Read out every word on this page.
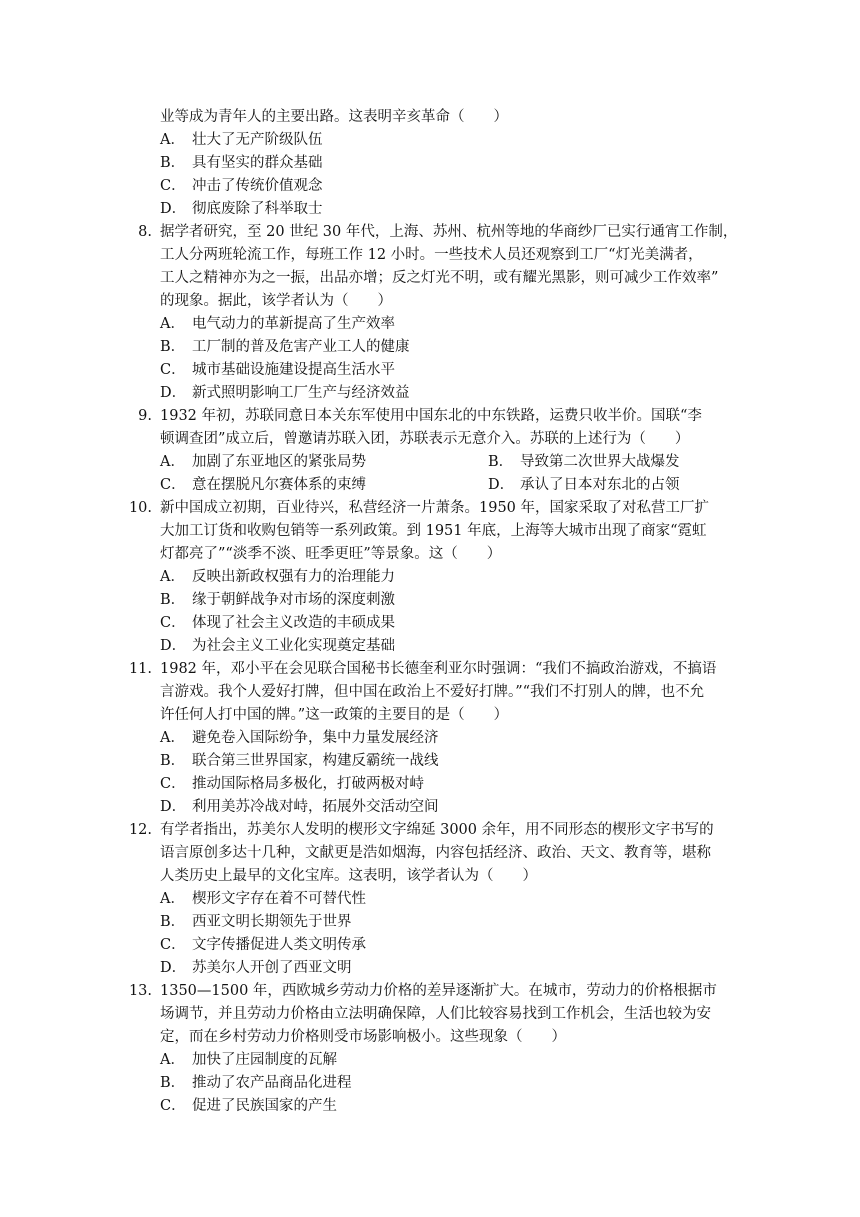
业等成为青年人的主要出路。这表明辛亥革命（　　）
A． 壮大了无产阶级队伍
B． 具有坚实的群众基础
C． 冲击了传统价值观念
D． 彻底废除了科举取士
8. 据学者研究，至 20 世纪 30 年代，上海、苏州、杭州等地的华商纱厂已实行通宵工作制，
工人分两班轮流工作，每班工作 12 小时。一些技术人员还观察到工厂“灯光美满者，
工人之精神亦为之一振，出品亦增；反之灯光不明，或有耀光黑影，则可减少工作效率”
的现象。据此，该学者认为（　　）
A． 电气动力的革新提高了生产效率
B． 工厂制的普及危害产业工人的健康
C． 城市基础设施建设提高生活水平
D． 新式照明影响工厂生产与经济效益
9. 1932 年初，苏联同意日本关东军使用中国东北的中东铁路，运费只收半价。国联“李
顿调查团”成立后，曾邀请苏联入团，苏联表示无意介入。苏联的上述行为（　　）
A． 加剧了东亚地区的紧张局势	B． 导致第二次世界大战爆发
C． 意在摆脱凡尔赛体系的束缚	D． 承认了日本对东北的占领
10. 新中国成立初期，百业待兴，私营经济一片萧条。1950 年，国家采取了对私营工厂扩
大加工订货和收购包销等一系列政策。到 1951 年底，上海等大城市出现了商家“霓虹
灯都亮了”“淡季不淡、旺季更旺”等景象。这（　　）
A． 反映出新政权强有力的治理能力
B． 缘于朝鲜战争对市场的深度刺激
C． 体现了社会主义改造的丰硕成果
D． 为社会主义工业化实现奠定基础
11. 1982 年，邓小平在会见联合国秘书长德奎利亚尔时强调：“我们不搞政治游戏，不搞语
言游戏。我个人爱好打牌，但中国在政治上不爱好打牌。”“我们不打别人的牌，也不允
许任何人打中国的牌。”这一政策的主要目的是（　　）
A． 避免卷入国际纷争，集中力量发展经济
B． 联合第三世界国家，构建反霸统一战线
C． 推动国际格局多极化，打破两极对峙
D． 利用美苏冷战对峙，拓展外交活动空间
12. 有学者指出，苏美尔人发明的楔形文字绵延 3000 余年，用不同形态的楔形文字书写的
语言原创多达十几种，文献更是浩如烟海，内容包括经济、政治、天文、教育等，堪称
人类历史上最早的文化宝库。这表明，该学者认为（　　）
A． 楔形文字存在着不可替代性
B． 西亚文明长期领先于世界
C． 文字传播促进人类文明传承
D． 苏美尔人开创了西亚文明
13. 1350—1500 年，西欧城乡劳动力价格的差异逐渐扩大。在城市，劳动力的价格根据市
场调节，并且劳动力价格由立法明确保障，人们比较容易找到工作机会，生活也较为安
定，而在乡村劳动力价格则受市场影响极小。这些现象（　　）
A． 加快了庄园制度的瓦解
B． 推动了农产品商品化进程
C． 促进了民族国家的产生
